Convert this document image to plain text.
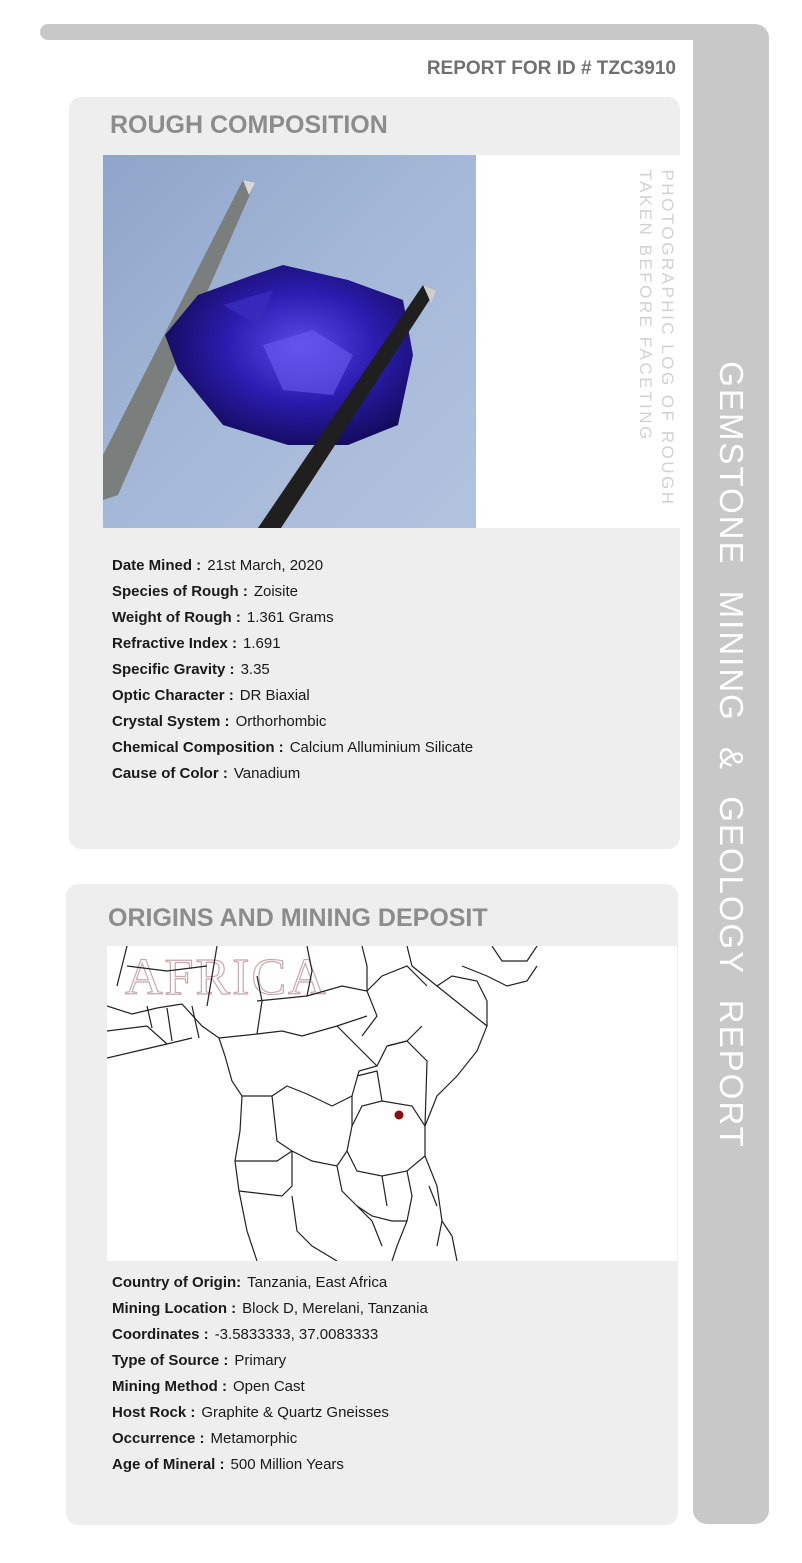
GEMSTONE MINING & GEOLOGY REPORT
REPORT FOR ID # TZC3910
ROUGH COMPOSITION
PHOTOGRAPHIC LOG OF ROUGH
TAKEN BEFORE FACETING
Date Mined : 21st March, 2020
Species of Rough : Zoisite
Weight of Rough : 1.361 Grams
Refractive Index : 1.691
Specific Gravity : 3.35
Optic Character : DR Biaxial
Crystal System : Orthorhombic
Chemical Composition : Calcium Alluminium Silicate
Cause of Color : Vanadium
ORIGINS AND MINING DEPOSIT
AFRICA
Country of Origin: Tanzania, East Africa
Mining Location : Block D, Merelani, Tanzania
Coordinates : -3.5833333, 37.0083333
Type of Source : Primary
Mining Method : Open Cast
Host Rock : Graphite & Quartz Gneisses
Occurrence : Metamorphic
Age of Mineral : 500 Million Years
